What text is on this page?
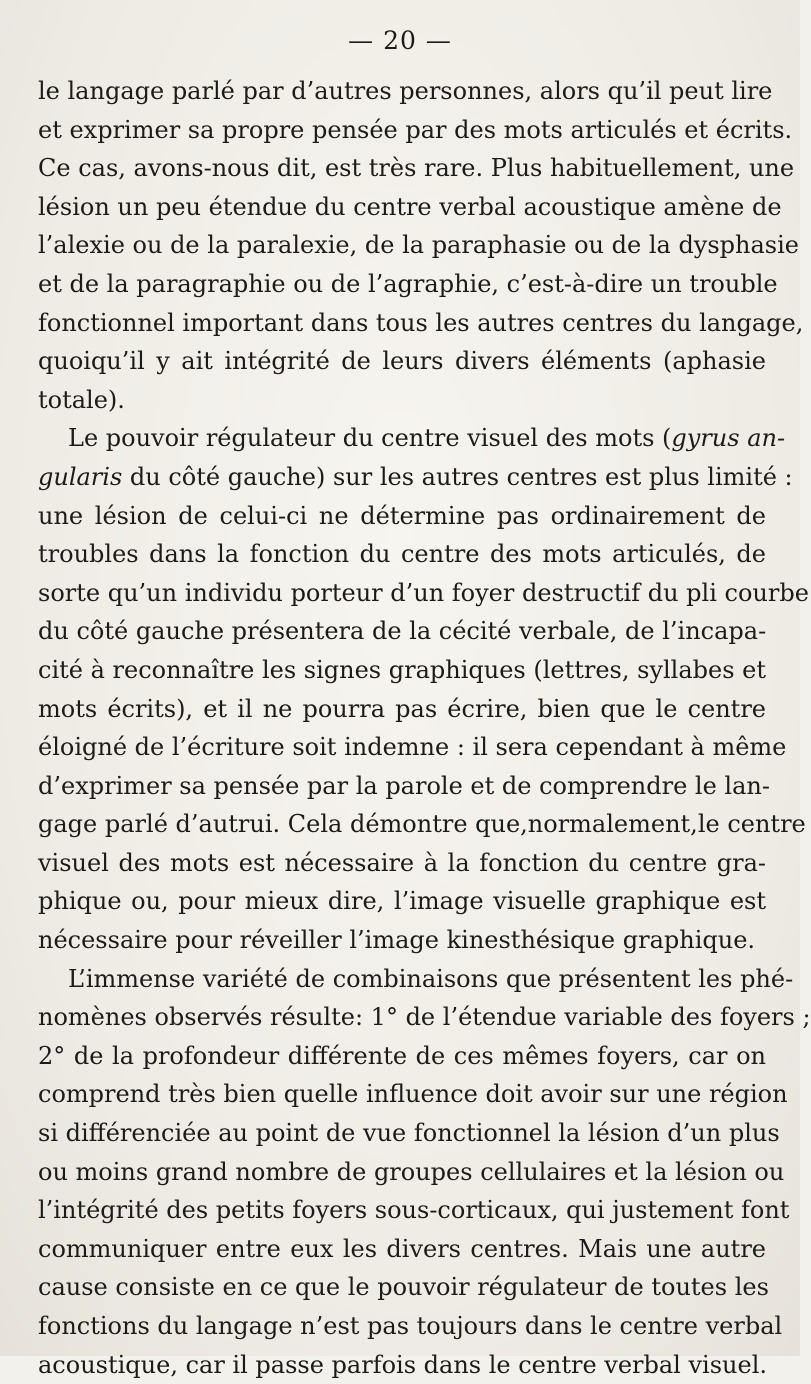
— 20 —
le langage parlé par d’autres personnes, alors qu’il peut lire
et exprimer sa propre pensée par des mots articulés et écrits.
Ce cas, avons-nous dit, est très rare. Plus habituellement, une
lésion un peu étendue du centre verbal acoustique amène de
l’alexie ou de la paralexie, de la paraphasie ou de la dysphasie
et de la paragraphie ou de l’agraphie, c’est-à-dire un trouble
fonctionnel important dans tous les autres centres du langage,
quoiqu’il y ait intégrité de leurs divers éléments (aphasie
totale).
Le pouvoir régulateur du centre visuel des mots (gyrus an-
gularis du côté gauche) sur les autres centres est plus limité :
une lésion de celui-ci ne détermine pas ordinairement de
troubles dans la fonction du centre des mots articulés, de
sorte qu’un individu porteur d’un foyer destructif du pli courbe
du côté gauche présentera de la cécité verbale, de l’incapa-
cité à reconnaître les signes graphiques (lettres, syllabes et
mots écrits), et il ne pourra pas écrire, bien que le centre
éloigné de l’écriture soit indemne : il sera cependant à même
d’exprimer sa pensée par la parole et de comprendre le lan-
gage parlé d’autrui. Cela démontre que,normalement,le centre
visuel des mots est nécessaire à la fonction du centre gra-
phique ou, pour mieux dire, l’image visuelle graphique est
nécessaire pour réveiller l’image kinesthésique graphique.
L’immense variété de combinaisons que présentent les phé-
nomènes observés résulte: 1° de l’étendue variable des foyers ;
2° de la profondeur différente de ces mêmes foyers, car on
comprend très bien quelle influence doit avoir sur une région
si différenciée au point de vue fonctionnel la lésion d’un plus
ou moins grand nombre de groupes cellulaires et la lésion ou
l’intégrité des petits foyers sous-corticaux, qui justement font
communiquer entre eux les divers centres. Mais une autre
cause consiste en ce que le pouvoir régulateur de toutes les
fonctions du langage n’est pas toujours dans le centre verbal
acoustique, car il passe parfois dans le centre verbal visuel.
